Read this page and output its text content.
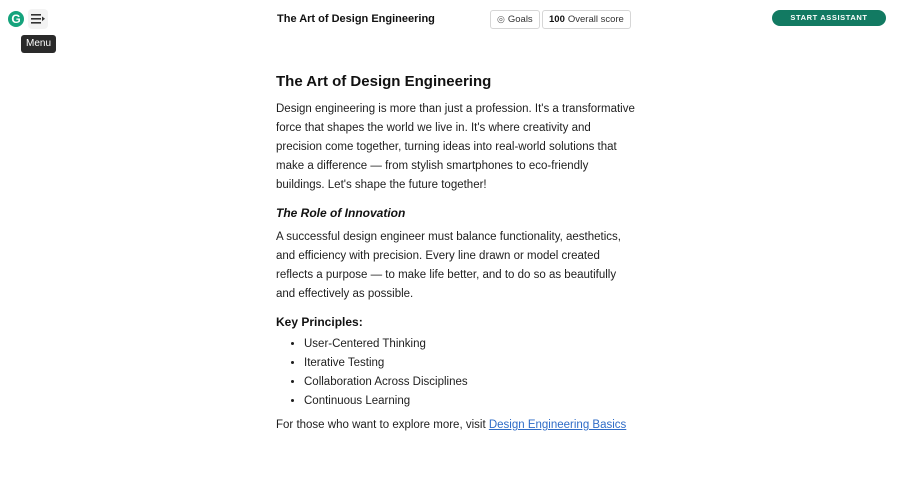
G
Menu
The Art of Design Engineering	◎ Goals	100 Overall score	START ASSISTANT
The Art of Design Engineering

Design engineering is more than just a profession. It's a transformative force that shapes the world we live in. It's where creativity and precision come together, turning ideas into real-world solutions that make a difference — from stylish smartphones to eco-friendly buildings. Let's shape the future together!

The Role of Innovation

A successful design engineer must balance functionality, aesthetics, and efficiency with precision. Every line drawn or model created reflects a purpose — to make life better, and to do so as beautifully and effectively as possible.

Key Principles:
• User-Centered Thinking
• Iterative Testing
• Collaboration Across Disciplines
• Continuous Learning

For those who want to explore more, visit Design Engineering Basics
